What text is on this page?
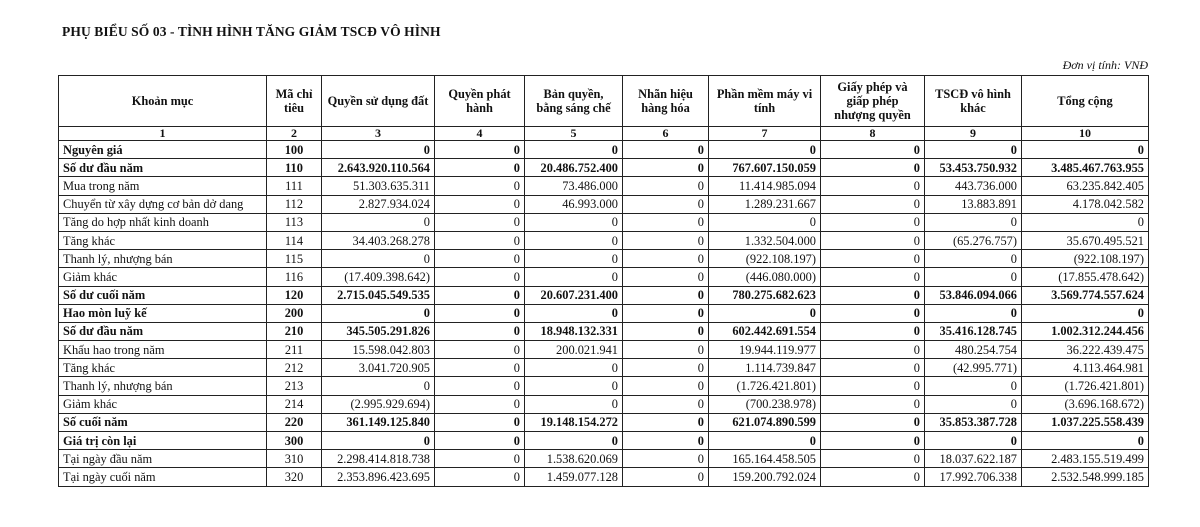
PHỤ BIỂU SỐ 03 - TÌNH HÌNH TĂNG GIẢM TSCĐ VÔ HÌNH
Đơn vị tính: VNĐ
Khoản mục	Mã chỉ tiêu	Quyền sử dụng đất	Quyền phát hành	Bản quyền, bằng sáng chế	Nhãn hiệu hàng hóa	Phần mềm máy vi tính	Giấy phép và giấp phép nhượng quyền	TSCĐ vô hình khác	Tổng cộng
1	2	3	4	5	6	7	8	9	10
Nguyên giá	100	0	0	0	0	0	0	0	0
Số dư đầu năm	110	2.643.920.110.564	0	20.486.752.400	0	767.607.150.059	0	53.453.750.932	3.485.467.763.955
Mua trong năm	111	51.303.635.311	0	73.486.000	0	11.414.985.094	0	443.736.000	63.235.842.405
Chuyển từ xây dựng cơ bản dở dang	112	2.827.934.024	0	46.993.000	0	1.289.231.667	0	13.883.891	4.178.042.582
Tăng do hợp nhất kinh doanh	113	0	0	0	0	0	0	0	0
Tăng khác	114	34.403.268.278	0	0	0	1.332.504.000	0	(65.276.757)	35.670.495.521
Thanh lý, nhượng bán	115	0	0	0	0	(922.108.197)	0	0	(922.108.197)
Giảm khác	116	(17.409.398.642)	0	0	0	(446.080.000)	0	0	(17.855.478.642)
Số dư cuối năm	120	2.715.045.549.535	0	20.607.231.400	0	780.275.682.623	0	53.846.094.066	3.569.774.557.624
Hao mòn luỹ kế	200	0	0	0	0	0	0	0	0
Số dư đầu năm	210	345.505.291.826	0	18.948.132.331	0	602.442.691.554	0	35.416.128.745	1.002.312.244.456
Khấu hao trong năm	211	15.598.042.803	0	200.021.941	0	19.944.119.977	0	480.254.754	36.222.439.475
Tăng khác	212	3.041.720.905	0	0	0	1.114.739.847	0	(42.995.771)	4.113.464.981
Thanh lý, nhượng bán	213	0	0	0	0	(1.726.421.801)	0	0	(1.726.421.801)
Giảm khác	214	(2.995.929.694)	0	0	0	(700.238.978)	0	0	(3.696.168.672)
Số cuối năm	220	361.149.125.840	0	19.148.154.272	0	621.074.890.599	0	35.853.387.728	1.037.225.558.439
Giá trị còn lại	300	0	0	0	0	0	0	0	0
Tại ngày đầu năm	310	2.298.414.818.738	0	1.538.620.069	0	165.164.458.505	0	18.037.622.187	2.483.155.519.499
Tại ngày cuối năm	320	2.353.896.423.695	0	1.459.077.128	0	159.200.792.024	0	17.992.706.338	2.532.548.999.185
